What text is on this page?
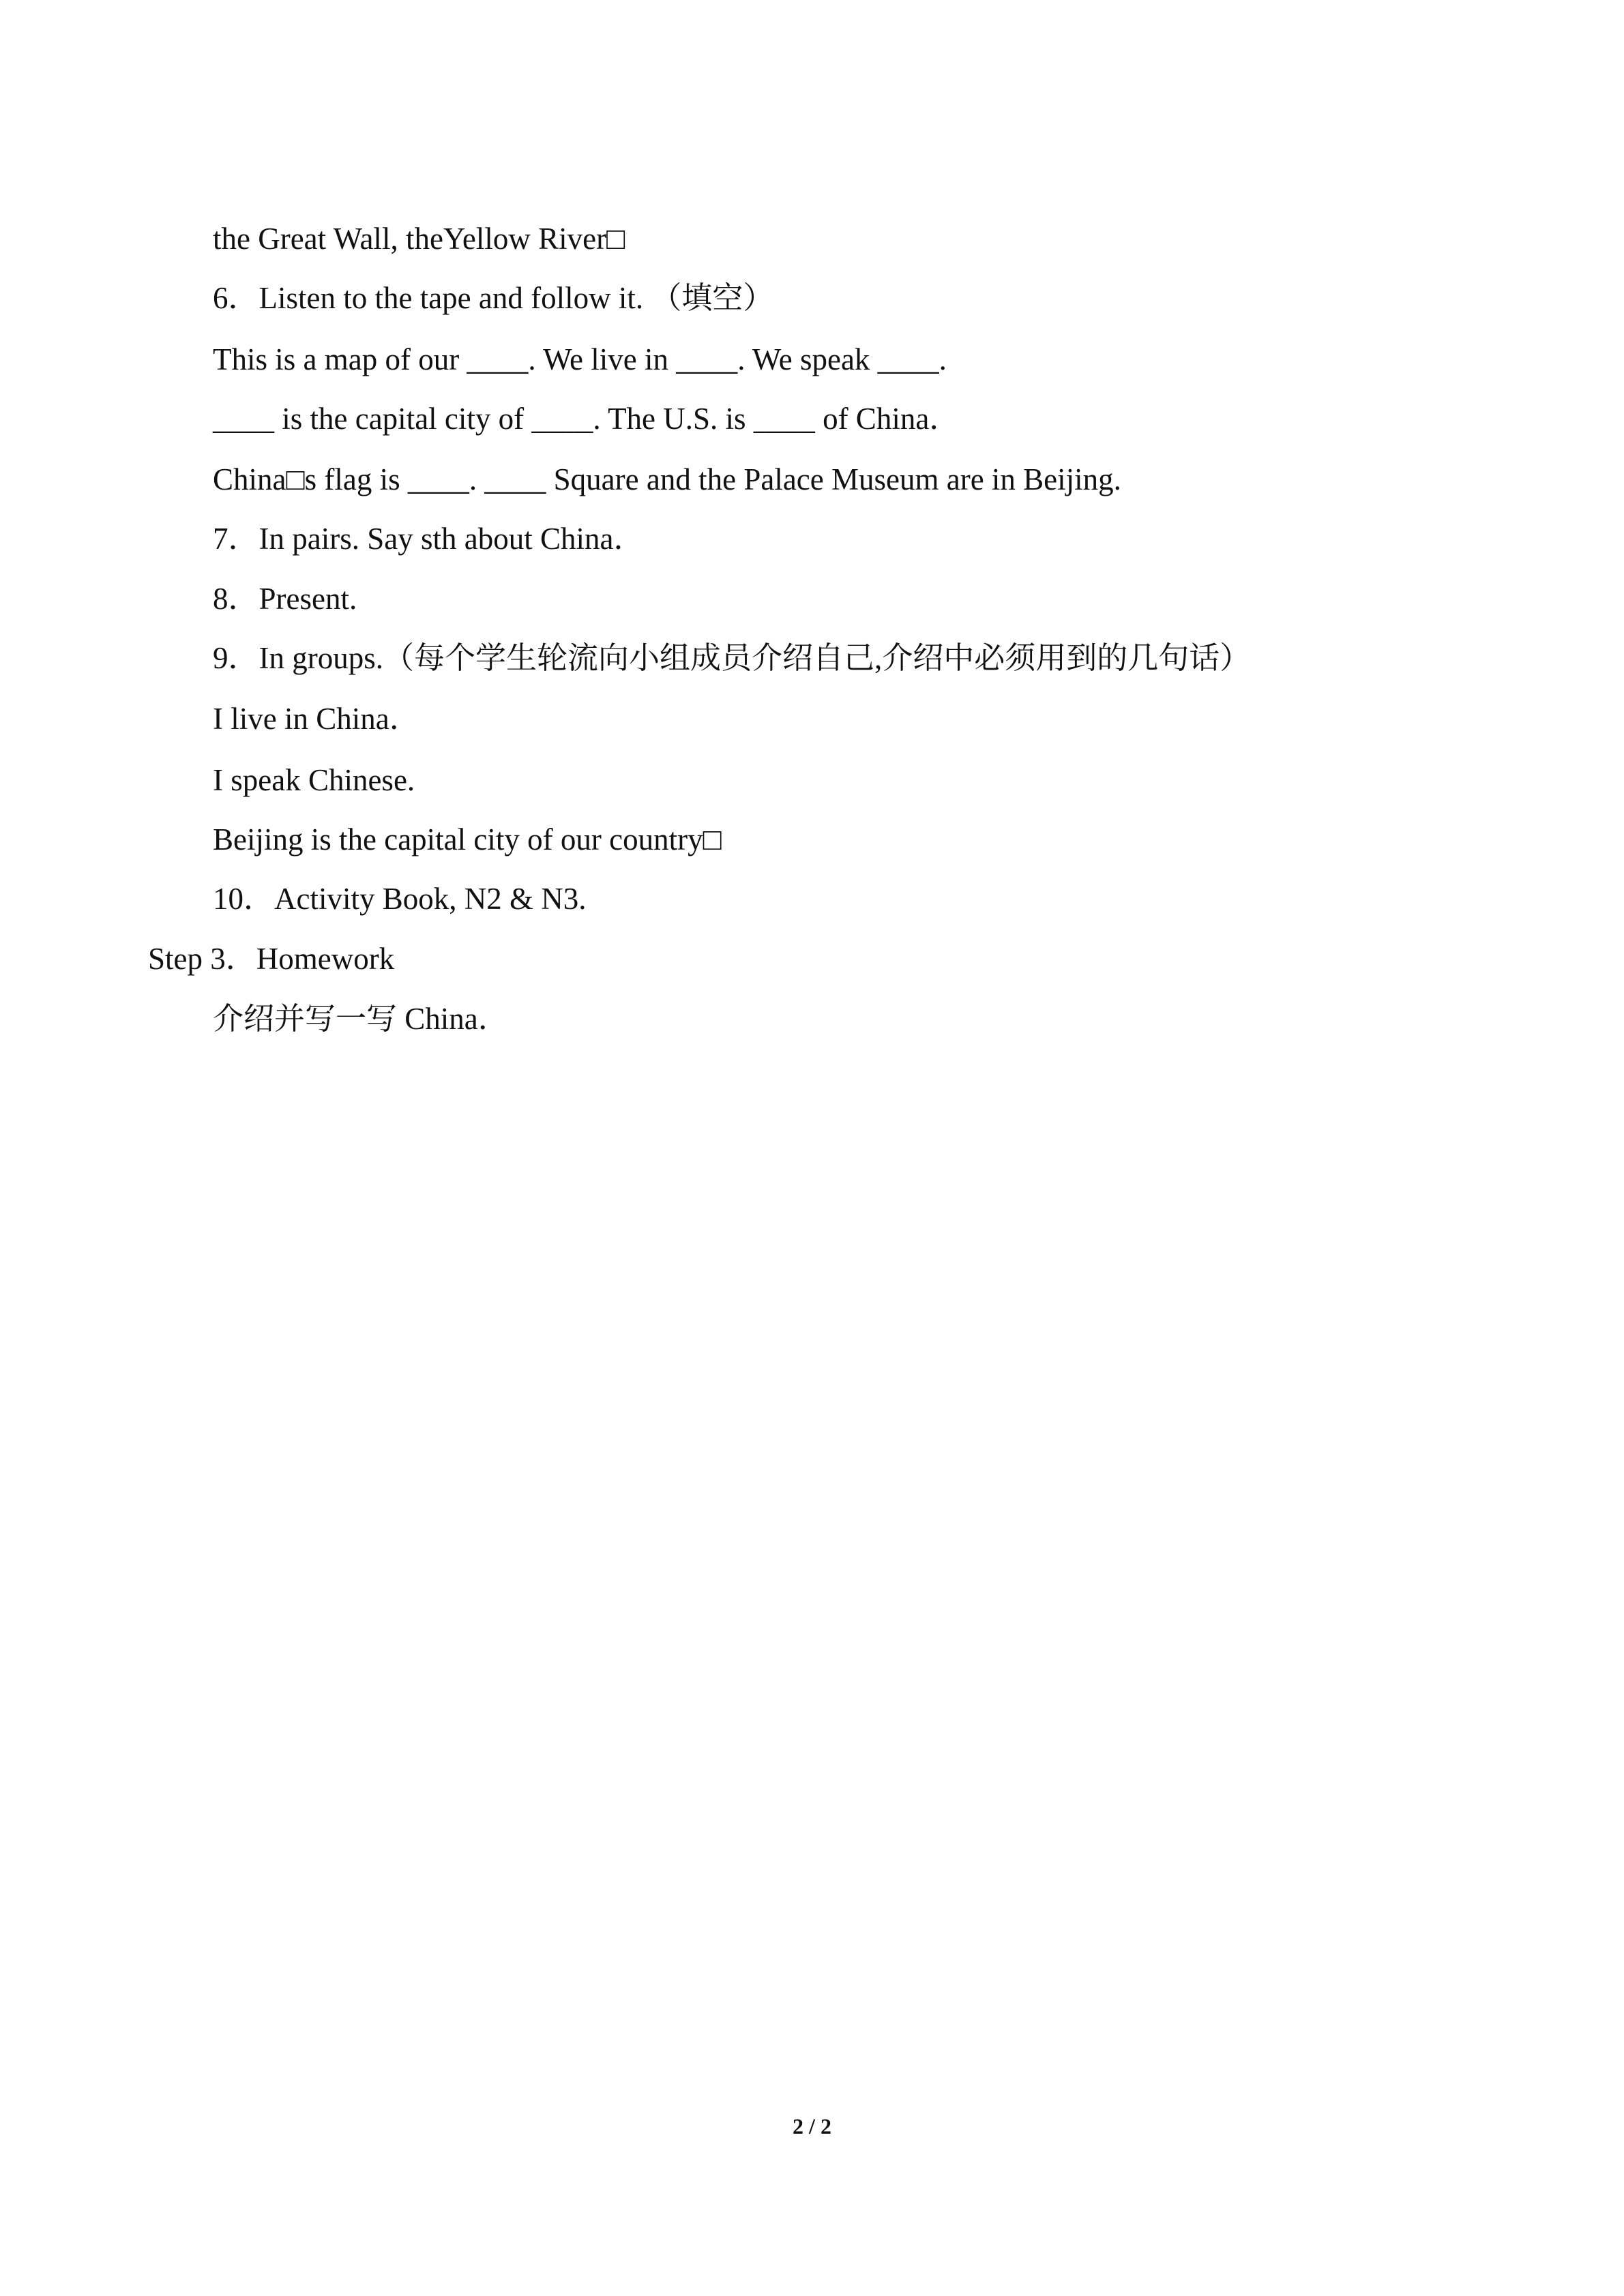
the Great Wall, theYellow River□
6．Listen to the tape and follow it. （填空）
This is a map of our ____. We live in ____. We speak ____.
____ is the capital city of ____. The U.S. is ____ of China．
China□s flag is ____. ____ Square and the Palace Museum are in Beijing.
7．In pairs. Say sth about China．
8．Present.
9．In groups.（每个学生轮流向小组成员介绍自己,介绍中必须用到的几句话）
I live in China．
I speak Chinese.
Beijing is the capital city of our country□
10．Activity Book, N2 & N3.
Step 3．Homework
介绍并写一写 China．
2 / 2
